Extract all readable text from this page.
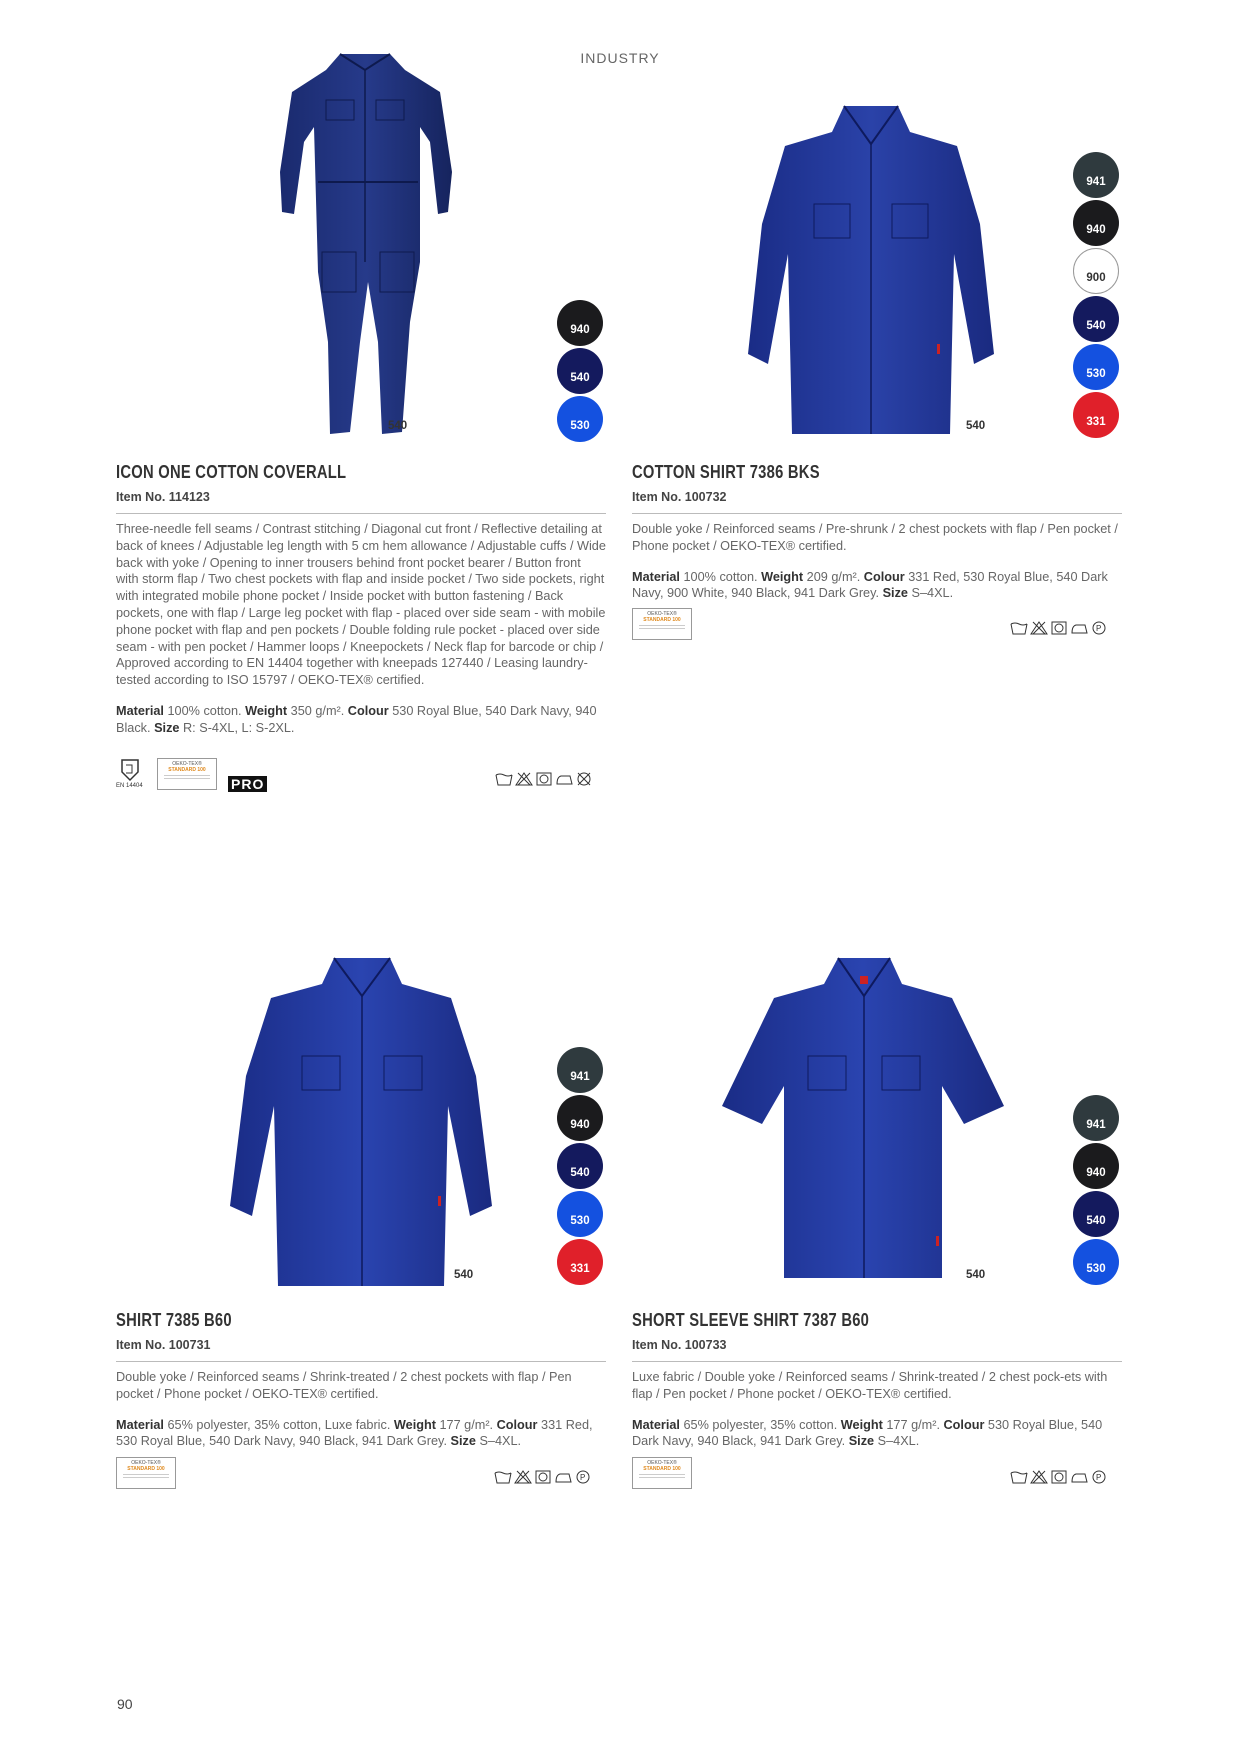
INDUSTRY
540
940
540
530
ICON ONE COTTON COVERALL
Item No. 114123
Three-needle fell seams / Contrast stitching / Diagonal cut front / Reflective detailing at back of knees / Adjustable leg length with 5 cm hem allowance / Adjustable cuffs / Wide back with yoke / Opening to inner trousers behind front pocket bearer / Button front with storm flap / Two chest pockets with flap and inside pocket / Two side pockets, right with integrated mobile phone pocket / Inside pocket with button fastening / Back pockets, one with flap / Large leg pocket with flap - placed over side seam - with mobile phone pocket with flap and pen pockets / Double folding rule pocket - placed over side seam - with pen pocket / Hammer loops / Kneepockets / Neck flap for barcode or chip / Approved according to EN 14404 together with kneepads 127440 / Leasing laundry-tested according to ISO 15797 / OEKO-TEX® certified.
Material 100% cotton. Weight 350 g/m². Colour 530 Royal Blue, 540 Dark Navy, 940 Black. Size R: S-4XL, L: S-2XL.
EN 14404
OEKO-TEX®
STANDARD 100
PRO
540
941
940
900
540
530
331
COTTON SHIRT 7386 BKS
Item No. 100732
Double yoke / Reinforced seams / Pre-shrunk / 2 chest pockets with flap / Pen pocket / Phone pocket / OEKO-TEX® certified.
Material 100% cotton. Weight 209 g/m². Colour 331 Red, 530 Royal Blue, 540 Dark Navy, 900 White, 940 Black, 941 Dark Grey. Size S–4XL.
OEKO-TEX®
STANDARD 100
P
540
941
940
540
530
331
SHIRT 7385 B60
Item No. 100731
Double yoke / Reinforced seams / Shrink-treated / 2 chest pockets with flap / Pen pocket / Phone pocket / OEKO-TEX® certified.
Material 65% polyester, 35% cotton, Luxe fabric. Weight 177 g/m². Colour 331 Red, 530 Royal Blue, 540 Dark Navy, 940 Black, 941 Dark Grey. Size S–4XL.
OEKO-TEX®
STANDARD 100
P
540
941
940
540
530
SHORT SLEEVE SHIRT 7387 B60
Item No. 100733
Luxe fabric / Double yoke / Reinforced seams / Shrink-treated / 2 chest pock-ets with flap / Pen pocket / Phone pocket / OEKO-TEX® certified.
Material 65% polyester, 35% cotton. Weight 177 g/m². Colour 530 Royal Blue, 540 Dark Navy, 940 Black, 941 Dark Grey. Size S–4XL.
OEKO-TEX®
STANDARD 100
P
90
